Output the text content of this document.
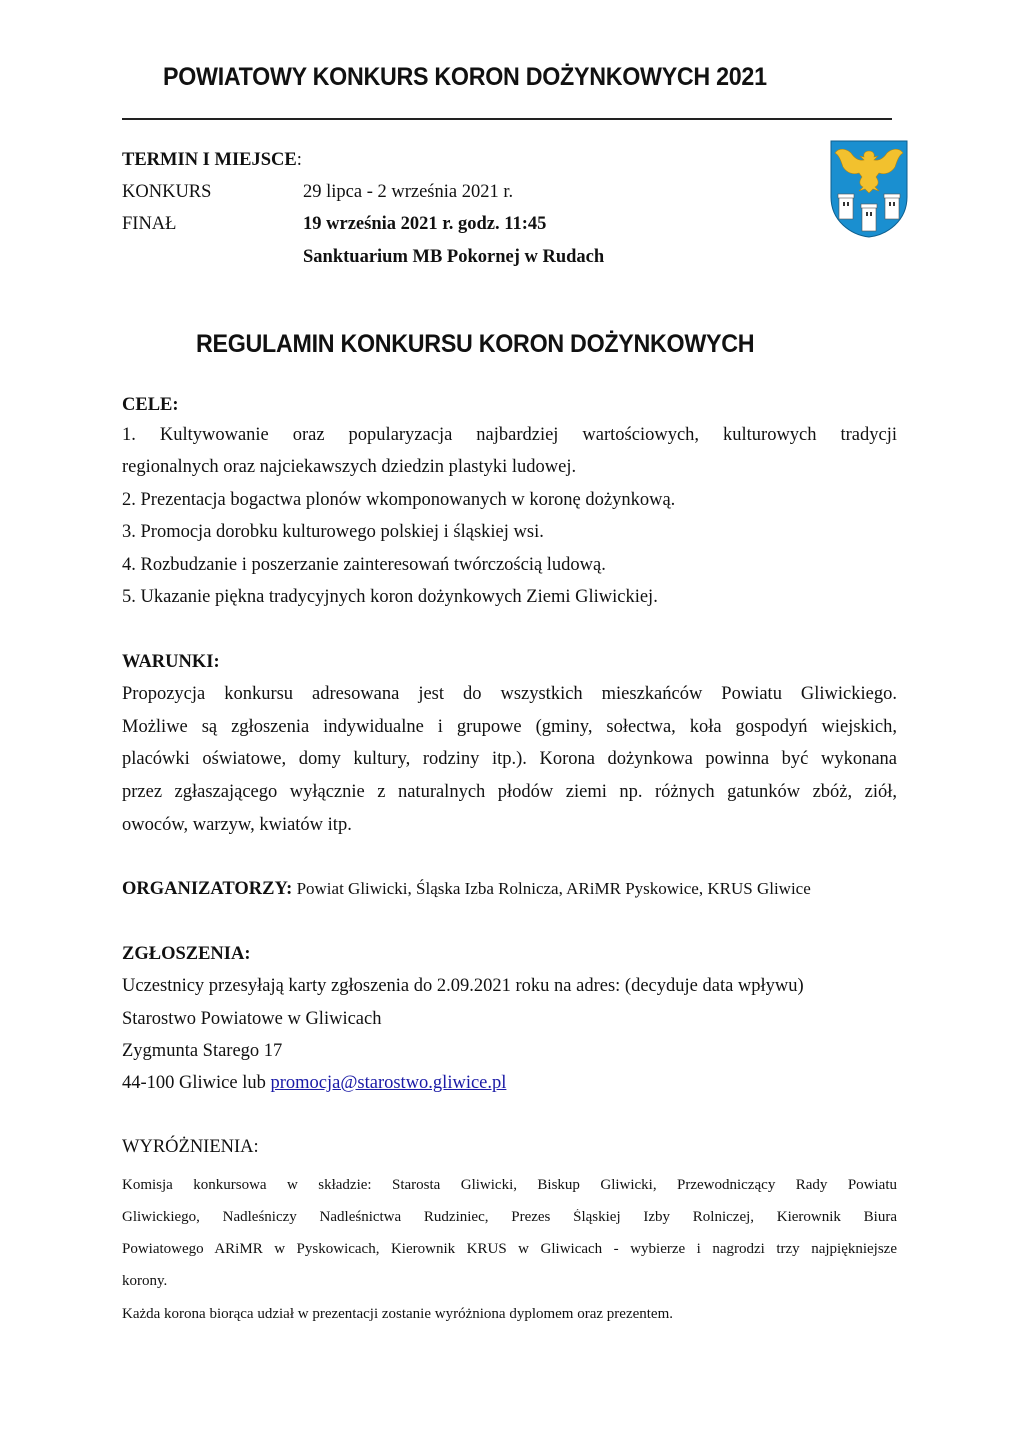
POWIATOWY KONKURS KORON DOŻYNKOWYCH 2021
TERMIN I MIEJSCE:
KONKURS	29 lipca - 2 września 2021 r.
FINAŁ	19 września 2021 r. godz. 11:45
Sanktuarium MB Pokornej w Rudach
REGULAMIN KONKURSU KORON DOŻYNKOWYCH
CELE:
1. Kultywowanie oraz popularyzacja najbardziej wartościowych, kulturowych tradycji
regionalnych oraz najciekawszych dziedzin plastyki ludowej.
2. Prezentacja bogactwa plonów wkomponowanych w koronę dożynkową.
3. Promocja dorobku kulturowego polskiej i śląskiej wsi.
4. Rozbudzanie i poszerzanie zainteresowań twórczością ludową.
5. Ukazanie piękna tradycyjnych koron dożynkowych Ziemi Gliwickiej.
WARUNKI:
Propozycja konkursu adresowana jest do wszystkich mieszkańców Powiatu Gliwickiego.
Możliwe są zgłoszenia indywidualne i grupowe (gminy, sołectwa, koła gospodyń wiejskich,
placówki oświatowe, domy kultury, rodziny itp.). Korona dożynkowa powinna być wykonana
przez zgłaszającego wyłącznie z naturalnych płodów ziemi np. różnych gatunków zbóż, ziół,
owoców, warzyw, kwiatów itp.
ORGANIZATORZY: Powiat Gliwicki, Śląska Izba Rolnicza, ARiMR Pyskowice, KRUS Gliwice
ZGŁOSZENIA:
Uczestnicy przesyłają karty zgłoszenia do 2.09.2021 roku na adres: (decyduje data wpływu)
Starostwo Powiatowe w Gliwicach
Zygmunta Starego 17
44-100 Gliwice lub promocja@starostwo.gliwice.pl
WYRÓŻNIENIA:
Komisja konkursowa w składzie: Starosta Gliwicki, Biskup Gliwicki, Przewodniczący Rady Powiatu
Gliwickiego, Nadleśniczy Nadleśnictwa Rudziniec, Prezes Śląskiej Izby Rolniczej, Kierownik Biura
Powiatowego ARiMR w Pyskowicach, Kierownik KRUS w Gliwicach - wybierze i nagrodzi trzy najpiękniejsze
korony.
Każda korona biorąca udział w prezentacji zostanie wyróżniona dyplomem oraz prezentem.
